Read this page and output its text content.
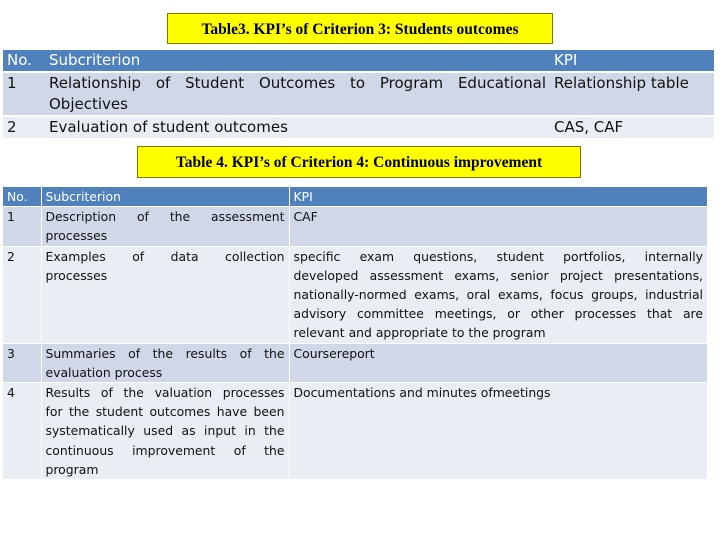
Table3. KPI’s of Criterion 3: Students outcomes
No.	Subcriterion	KPI
1	Relationship of Student Outcomes to Program Educational
Objectives	Relationship table
2	Evaluation of student outcomes	CAS, CAF
Table 4. KPI’s of Criterion 4: Continuous improvement
No.	Subcriterion	KPI
1	Description of the assessment
processes	CAF

2	Examples of data collection
processes	specific exam questions, student portfolios, internally
developed assessment exams, senior project presentations,
nationally-normed exams, oral exams, focus groups, industrial
advisory committee meetings, or other processes that are
relevant and appropriate to the program

3	Summaries of the results of the
evaluation process	Coursereport

4	Results of the valuation processes
for the student outcomes have been
systematically used as input in the
continuous improvement of the
program	Documentations and minutes ofmeetings
